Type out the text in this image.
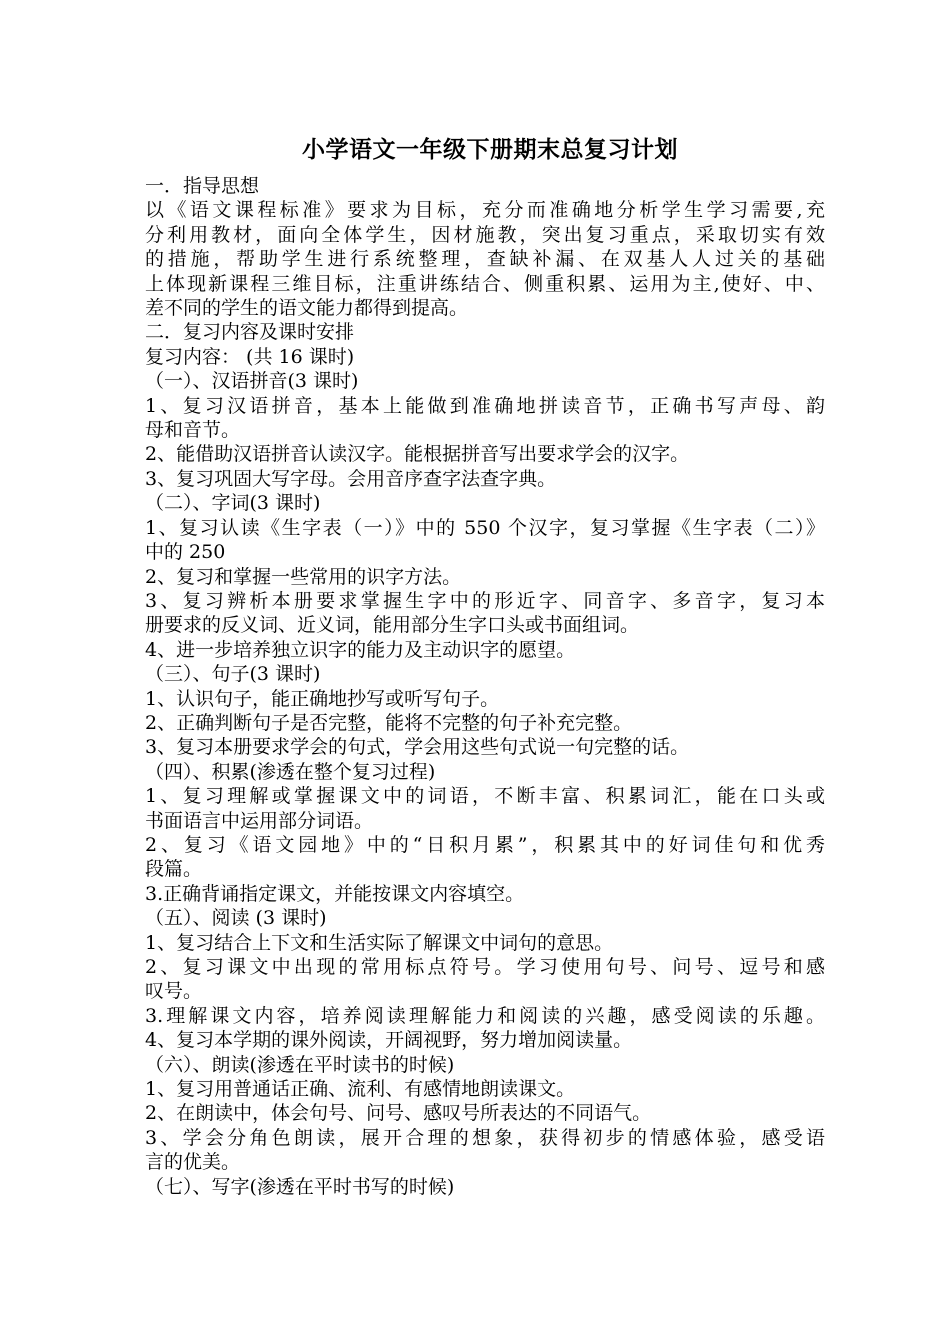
小学语文一年级下册期末总复习计划
一．指导思想
以《语文课程标准》要求为目标，充分而准确地分析学生学习需要,充
分利用教材，面向全体学生，因材施教，突出复习重点，采取切实有效
的措施，帮助学生进行系统整理，查缺补漏、在双基人人过关的基础
上体现新课程三维目标，注重讲练结合、侧重积累、运用为主,使好、中、
差不同的学生的语文能力都得到提高。
二．复习内容及课时安排
复习内容： (共 16 课时)
（一）、汉语拼音(3 课时)
1、复习汉语拼音，基本上能做到准确地拼读音节，正确书写声母、韵
母和音节。
2、能借助汉语拼音认读汉字。能根据拼音写出要求学会的汉字。
3、复习巩固大写字母。会用音序查字法查字典。
（二）、字词(3 课时)
1、复习认读《生字表（一）》中的 550 个汉字，复习掌握《生字表（二）》
中的 250
2、复习和掌握一些常用的识字方法。
3、复习辨析本册要求掌握生字中的形近字、同音字、多音字，复习本
册要求的反义词、近义词，能用部分生字口头或书面组词。
4、进一步培养独立识字的能力及主动识字的愿望。
（三）、句子(3 课时)
1、认识句子，能正确地抄写或听写句子。
2、正确判断句子是否完整，能将不完整的句子补充完整。
3、复习本册要求学会的句式，学会用这些句式说一句完整的话。
（四）、积累(渗透在整个复习过程)
1、复习理解或掌握课文中的词语，不断丰富、积累词汇，能在口头或
书面语言中运用部分词语。
2、复习《语文园地》中的“日积月累”，积累其中的好词佳句和优秀
段篇。
3.正确背诵指定课文，并能按课文内容填空。
（五）、阅读 (3 课时)
1、复习结合上下文和生活实际了解课文中词句的意思。
2、复习课文中出现的常用标点符号。学习使用句号、问号、逗号和感
叹号。
3.理解课文内容，培养阅读理解能力和阅读的兴趣，感受阅读的乐趣。
4、复习本学期的课外阅读，开阔视野，努力增加阅读量。
（六）、朗读(渗透在平时读书的时候)
1、复习用普通话正确、流利、有感情地朗读课文。
2、在朗读中，体会句号、问号、感叹号所表达的不同语气。
3、学会分角色朗读，展开合理的想象，获得初步的情感体验，感受语
言的优美。
（七）、写字(渗透在平时书写的时候)
